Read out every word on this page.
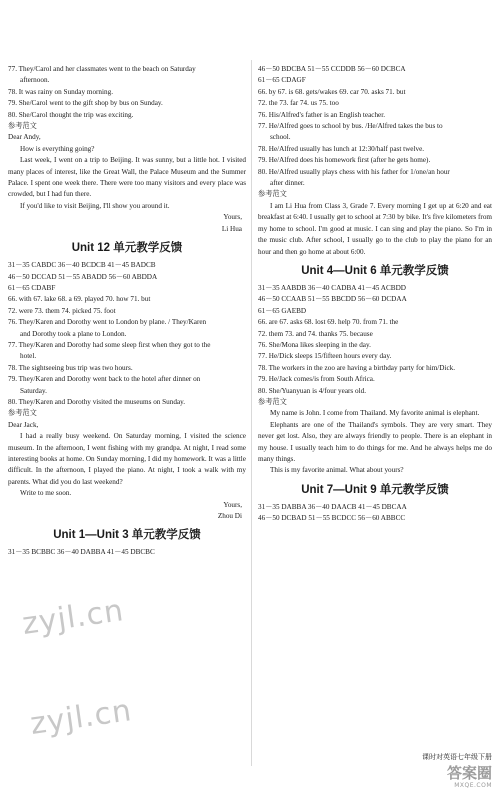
77. They/Carol and her classmates went to the beach on Saturday
afternoon.
78. It was rainy on Sunday morning.
79. She/Carol went to the gift shop by bus on Sunday.
80. She/Carol thought the trip was exciting.
参考范文
Dear Andy,
How is everything going?
Last week, I went on a trip to Beijing. It was sunny, but a little hot. I visited many places of interest, like the Great Wall, the Palace Museum and the Summer Palace. I spent one week there. There were too many visitors and every place was crowded, but I had fun there.
If you'd like to visit Beijing, I'll show you around it.
Yours,
Li Hua
Unit 12 单元教学反馈
31－35 CABDC 36－40 BCDCB 41－45 BADCB
46－50 DCCAD 51－55 ABADD 56－60 ABDDA
61－65 CDABF
66. with 67. lake 68. a 69. played 70. how 71. but
72. were 73. them 74. picked 75. foot
76. They/Karen and Dorothy went to London by plane. / They/Karen
and Dorothy took a plane to London.
77. They/Karen and Dorothy had some sleep first when they got to the
hotel.
78. The sightseeing bus trip was two hours.
79. They/Karen and Dorothy went back to the hotel after dinner on
Saturday.
80. They/Karen and Dorothy visited the museums on Sunday.
参考范文
Dear Jack,
I had a really busy weekend. On Saturday morning, I visited the science museum. In the afternoon, I went fishing with my grandpa. At night, I read some interesting books at home. On Sunday morning, I did my homework. It was a little difficult. In the afternoon, I played the piano. At night, I took a walk with my parents. What did you do last weekend?
Write to me soon.
Yours,
Zhou Di
Unit 1—Unit 3 单元教学反馈
31－35 BCBBC 36－40 DABBA 41－45 DBCBC
46－50 BDCBA 51－55 CCDDB 56－60 DCBCA
61－65 CDAGF
66. by 67. is 68. gets/wakes 69. car 70. asks 71. but
72. the 73. far 74. us 75. too
76. His/Alfred's father is an English teacher.
77. He/Alfred goes to school by bus. /He/Alfred takes the bus to
school.
78. He/Alfred usually has lunch at 12:30/half past twelve.
79. He/Alfred does his homework first (after he gets home).
80. He/Alfred usually plays chess with his father for 1/one/an hour
after dinner.
参考范文
I am Li Hua from Class 3, Grade 7. Every morning I get up at 6:20 and eat breakfast at 6:40. I usually get to school at 7:30 by bike. It's five kilometers from my home to school. I'm good at music. I can sing and play the piano. So I'm in the music club. After school, I usually go to the club to play the piano for an hour and then go home at about 6:00.
Unit 4—Unit 6 单元教学反馈
31－35 AABDB 36－40 CADBA 41－45 ACBDD
46－50 CCAAB 51－55 BBCDD 56－60 DCDAA
61－65 GAEBD
66. are 67. asks 68. lost 69. help 70. from 71. the
72. them 73. and 74. thanks 75. because
76. She/Mona likes sleeping in the day.
77. He/Dick sleeps 15/fifteen hours every day.
78. The workers in the zoo are having a birthday party for him/Dick.
79. He/Jack comes/is from South Africa.
80. She/Yuanyuan is 4/four years old.
参考范文
My name is John. I come from Thailand. My favorite animal is elephant.
Elephants are one of the Thailand's symbols. They are very smart. They never get lost. Also, they are always friendly to people. There is an elephant in my house. I usually teach him to do things for me. And he always helps me do many things.
This is my favorite animal. What about yours?
Unit 7—Unit 9 单元教学反馈
31－35 DABBA 36－40 DAACB 41－45 DBCAA
46－50 DCBAD 51－55 BCDCC 56－60 ABBCC
zyjl.cn
zyjl.cn
课时对英语七年级下册
答案圈
MXQE.COM
